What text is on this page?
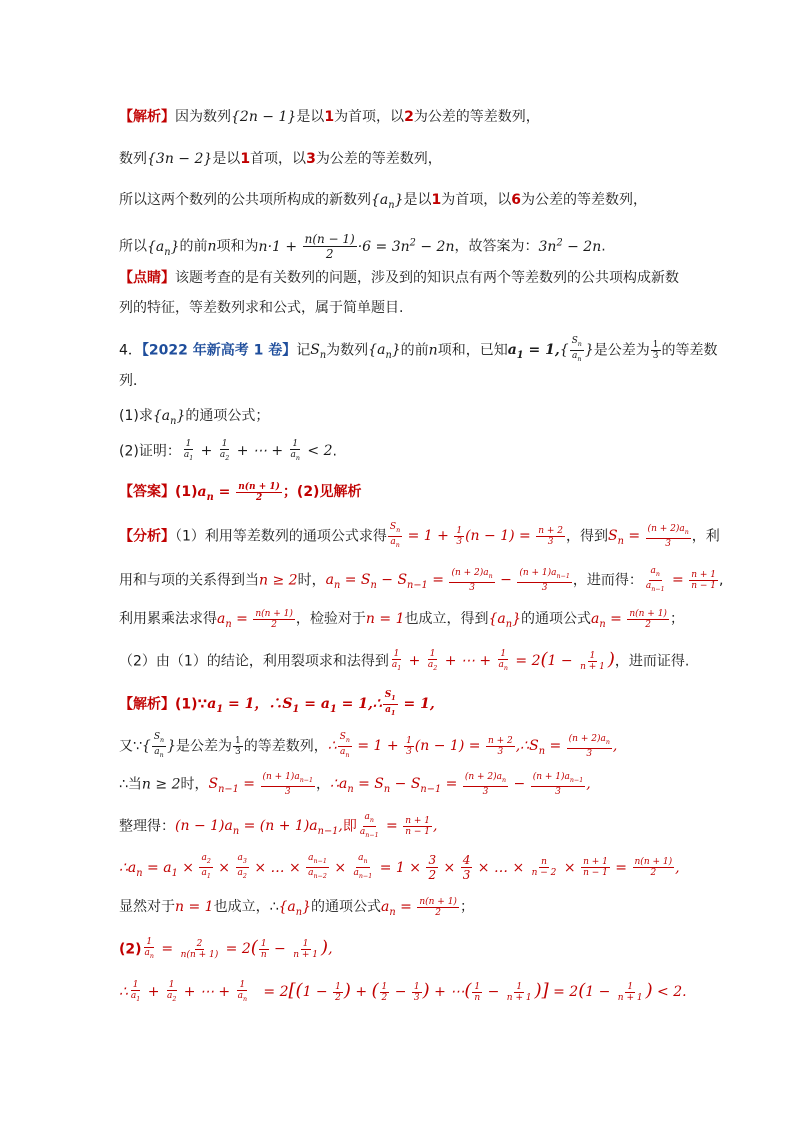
【解析】因为数列{2n − 1}是以1为首项，以2为公差的等差数列，
数列{3n − 2}是以1首项，以3为公差的等差数列，
所以这两个数列的公共项所构成的新数列$\{a_n\}$是以1为首项，以6为公差的等差数列，
所以$\{a_n\}$的前n项和为$n\cdot 1 + \frac{n(n - 1)}{2} \cdot 6 = 3n^2 - 2n$，故答案为：$3n^2 - 2n$.
【点睛】该题考查的是有关数列的问题，涉及到的知识点有两个等差数列的公共项构成新数
列的特征，等差数列求和公式，属于简单题目.
4．【2022 年新高考 1 卷】记$S_n$为数列$\{a_n\}$的前n项和，已知$a_1 = 1,\{ \frac{S_n}{a_n}$ }是公差为 $\frac{1}{3}$ 的等差数
列．
(1)求$\{a_n\}$的通项公式；
(2)证明： $\frac{1}{a_1} + \frac{1}{a_2}$ + ⋯ + $\frac{1}{a_n} < 2$.
【答案】$(1)a_n = \frac{n(n + 1)}{2}$ ；(2)见解析
【分析】（1）利用等差数列的通项公式求得 $\frac{S_n}{a_n} = 1 + \frac{1}{3} (n - 1) = \frac{n + 2}{3}$ ，得到$S_n = \frac{(n + 2)a_n}{3}$ ，利
用和与项的关系得到当n ≥ 2时，$a_n = S_n - S_{n-1} = \frac{(n + 2)a_n}{3} - \frac{(n + 1)a_{n-1}}{3}$ ，进而得： $\frac{a_n}{a_{n-1}} = \frac{n + 1}{n - 1}$ ,
利用累乘法求得$a_n = \frac{n(n + 1)}{2}$ ，检验对于n = 1也成立，得到$\{a_n\}$的通项公式$a_n = \frac{n(n + 1)}{2}$ ；
（2）由（1）的结论，利用裂项求和法得到 $\frac{1}{a_1} + \frac{1}{a_2}$ + ⋯ + $\frac{1}{a_n} = 2(1 - \frac{1}{n + 1}$ )，进而证得.
【解析】$(1)\because a_1 = 1$，$\therefore S_1 = a_1$ = 1,∴ $\frac{S_1}{a_1} = 1$,
又∵{ $\frac{S_n}{a_n}$ }是公差为 $\frac{1}{3}$ 的等差数列，∴ $\frac{S_n}{a_n} = 1 + \frac{1}{3} (n - 1) = \frac{n + 2}{3}$ $,\therefore S_n = \frac{(n + 2)a_n}{3}$ ,
∴当n ≥ 2时，$S_{n-1} = \frac{(n + 1)a_{n-1}}{3}$ ，$\therefore a_n = S_n - S_{n-1} = \frac{(n + 2)a_n}{3} - \frac{(n + 1)a_{n-1}}{3}$ ,
整理得：$(n - 1)a_n = (n + 1)a_{n-1}$,即 $\frac{a_n}{a_{n-1}} = \frac{n + 1}{n - 1}$ ,
$\therefore a_n = a_1 \times \frac{a_2}{a_1} \times \frac{a_3}{a_2}$ × … × $\frac{a_{n-1}}{a_{n-2}} \times \frac{a_n}{a_{n-1}} = 1 \times \frac{3}{2} \times \frac{4}{3}$ × … × $\frac{n}{n - 2} \times \frac{n + 1}{n - 1} = \frac{n(n + 1)}{2}$ ,
显然对于n = 1也成立，$\therefore\{a_n\}$的通项公式$a_n = \frac{n(n + 1)}{2}$ ；
$(2) \frac{1}{a_n} = \frac{2}{n(n + 1)} = 2( \frac{1}{n} - \frac{1}{n + 1}$ ),
∴ $\frac{1}{a_1} + \frac{1}{a_2}$ + ⋯ + $\frac{1}{a_n} = 2[(1 - \frac{1}{2}$ ) + ( $\frac{1}{2} - \frac{1}{3}$ ) + ⋯( $\frac{1}{n} - \frac{1}{n + 1}$ )] = $2(1 - \frac{1}{n + 1}$ ) < 2.
